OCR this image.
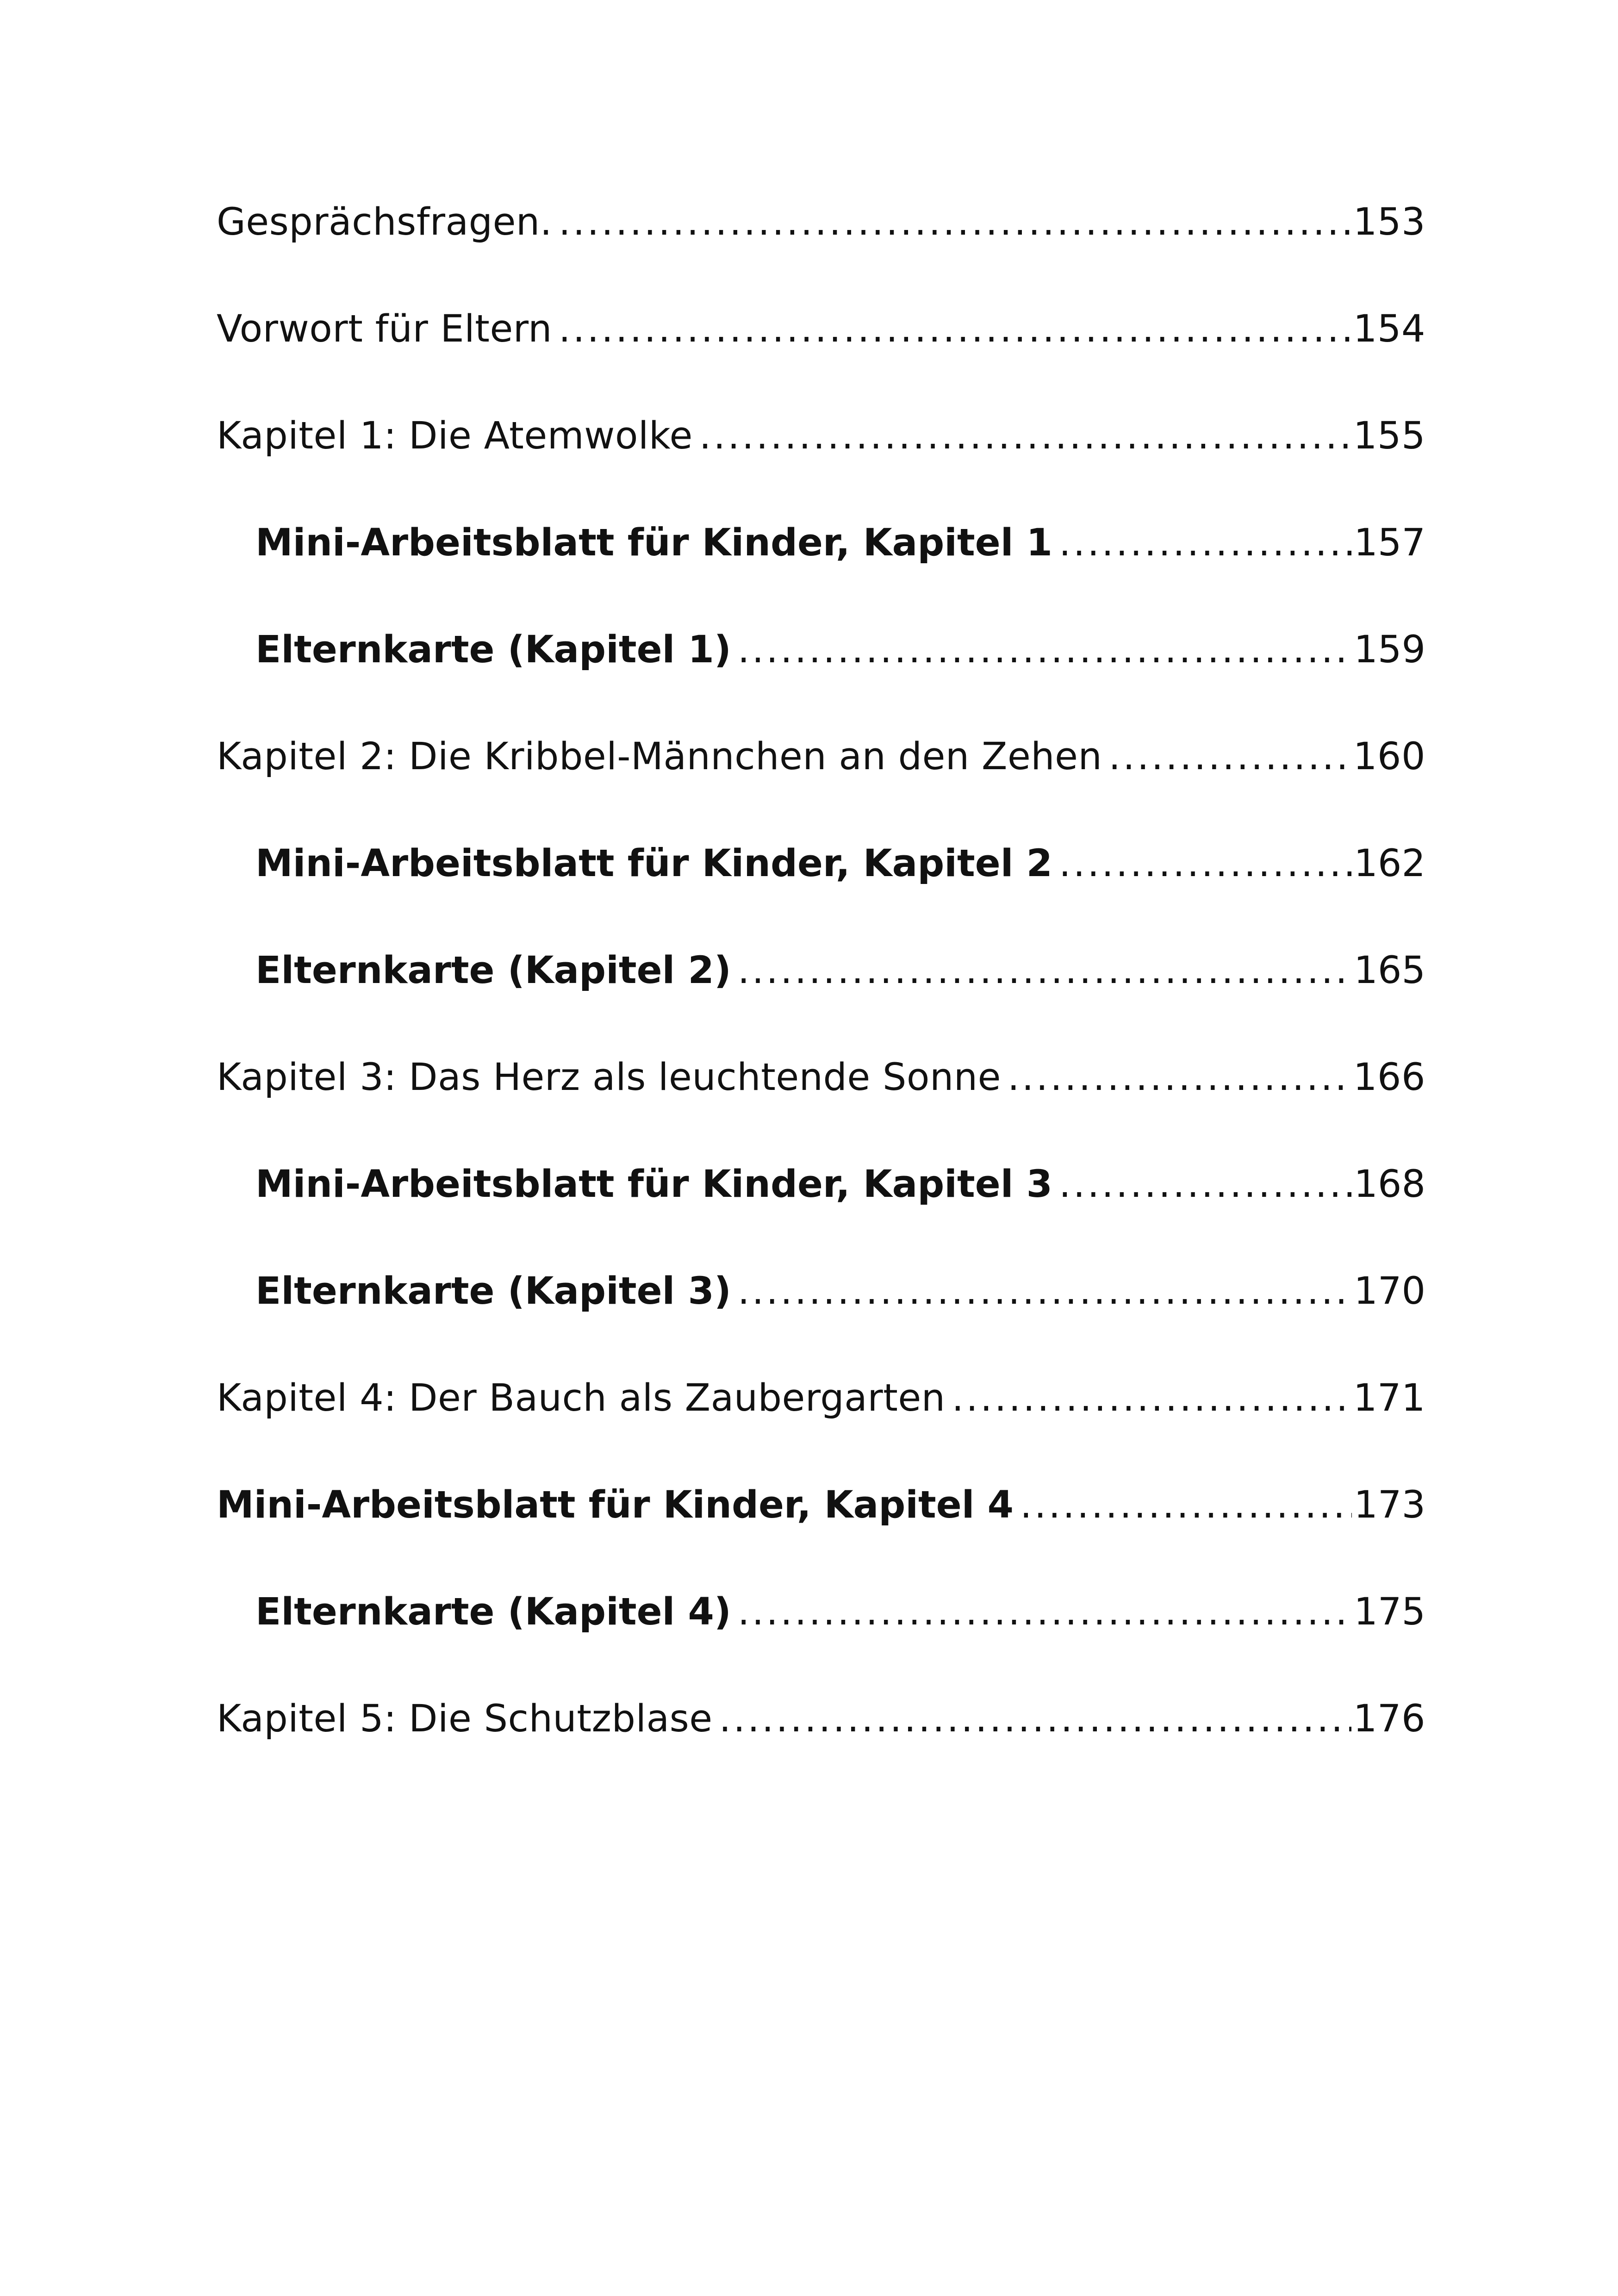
Gesprächsfragen. .....	153
Vorwort für Eltern .....	154
Kapitel 1: Die Atemwolke .....	155
Mini-Arbeitsblatt für Kinder, Kapitel 1 .....	157
Elternkarte (Kapitel 1) .....	159
Kapitel 2: Die Kribbel-Männchen an den Zehen .....	160
Mini-Arbeitsblatt für Kinder, Kapitel 2 .....	162
Elternkarte (Kapitel 2) .....	165
Kapitel 3: Das Herz als leuchtende Sonne .....	166
Mini-Arbeitsblatt für Kinder, Kapitel 3 .....	168
Elternkarte (Kapitel 3) .....	170
Kapitel 4: Der Bauch als Zaubergarten .....	171
Mini-Arbeitsblatt für Kinder, Kapitel 4 .....	173
Elternkarte (Kapitel 4) .....	175
Kapitel 5: Die Schutzblase .....	176
